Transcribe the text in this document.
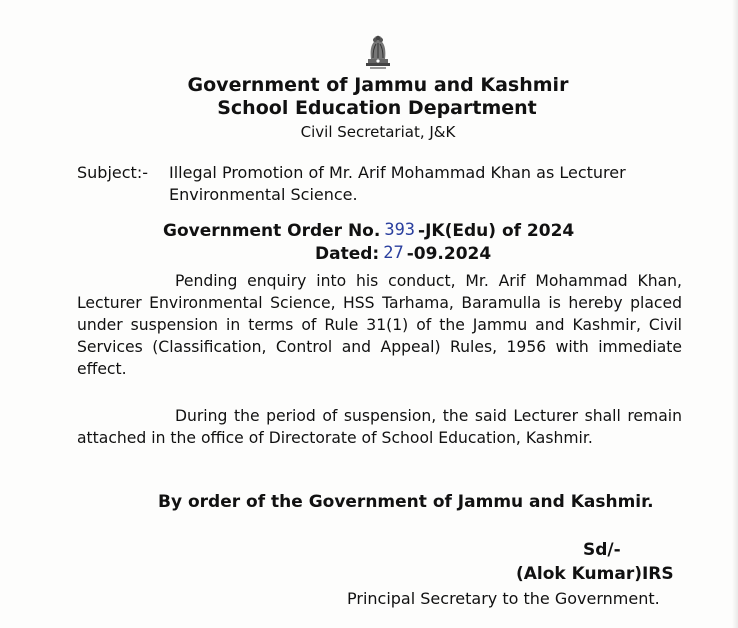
Government of Jammu and Kashmir
School Education Department
Civil Secretariat, J&K
Subject:- Illegal Promotion of Mr. Arif Mohammad Khan as Lecturer Environmental Science.
Government Order No. 393 -JK(Edu) of 2024
Dated: 27 -09.2024
Pending enquiry into his conduct, Mr. Arif Mohammad Khan, Lecturer Environmental Science, HSS Tarhama, Baramulla is hereby placed under suspension in terms of Rule 31(1) of the Jammu and Kashmir, Civil Services (Classification, Control and Appeal) Rules, 1956 with immediate effect.
During the period of suspension, the said Lecturer shall remain attached in the office of Directorate of School Education, Kashmir.
By order of the Government of Jammu and Kashmir.
Sd/-
(Alok Kumar)IRS
Principal Secretary to the Government.
